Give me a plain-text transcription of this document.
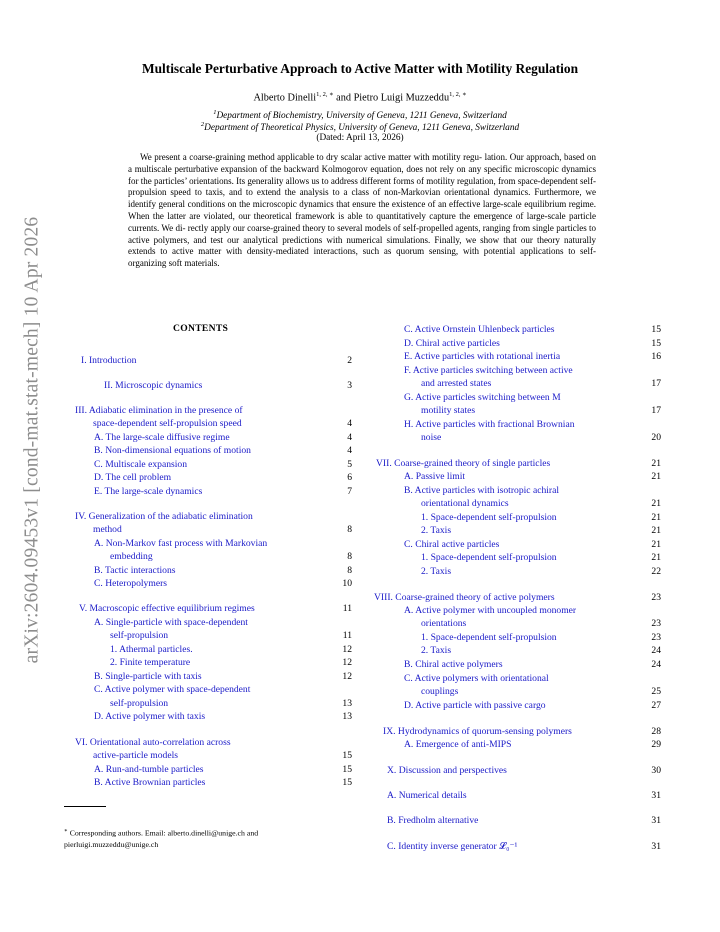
arXiv:2604.09453v1 [cond-mat.stat-mech] 10 Apr 2026
Multiscale Perturbative Approach to Active Matter with Motility Regulation
Alberto Dinelli$^{1, 2, ∗}$ and Pietro Luigi Muzzeddu$^{1, 2, ∗}$
$^1$Department of Biochemistry, University of Geneva, 1211 Geneva, Switzerland
$^2$Department of Theoretical Physics, University of Geneva, 1211 Geneva, Switzerland
(Dated: April 13, 2026)
We present a coarse-graining method applicable to dry scalar active matter with motility regu- lation. Our approach, based on a multiscale perturbative expansion of the backward Kolmogorov equation, does not rely on any specific microscopic dynamics for the particles’ orientations. Its generality allows us to address different forms of motility regulation, from space-dependent self- propulsion speed to taxis, and to extend the analysis to a class of non-Markovian orientational dynamics. Furthermore, we identify general conditions on the microscopic dynamics that ensure the existence of an effective large-scale equilibrium regime. When the latter are violated, our theoretical framework is able to quantitatively capture the emergence of large-scale particle currents. We di- rectly apply our coarse-grained theory to several models of self-propelled agents, ranging from single particles to active polymers, and test our analytical predictions with numerical simulations. Finally, we show that our theory naturally extends to active matter with density-mediated interactions, such as quorum sensing, with potential applications to self-organizing soft materials.
CONTENTS
I. Introduction	2
II. Microscopic dynamics	3
III. Adiabatic elimination in the presence of
space-dependent self-propulsion speed	4
A. The large-scale diffusive regime	4
B. Non-dimensional equations of motion	4
C. Multiscale expansion	5
D. The cell problem	6
E. The large-scale dynamics	7
IV. Generalization of the adiabatic elimination
method	8
A. Non-Markov fast process with Markovian
embedding	8
B. Tactic interactions	8
C. Heteropolymers	10
V. Macroscopic effective equilibrium regimes	11
A. Single-particle with space-dependent
self-propulsion	11
1. Athermal particles.	12
2. Finite temperature	12
B. Single-particle with taxis	12
C. Active polymer with space-dependent
self-propulsion	13
D. Active polymer with taxis	13
VI. Orientational auto-correlation across
active-particle models	15
A. Run-and-tumble particles	15
B. Active Brownian particles	15
C. Active Ornstein Uhlenbeck particles	15
D. Chiral active particles	15
E. Active particles with rotational inertia	16
F. Active particles switching between active
and arrested states	17
G. Active particles switching between M
motility states	17
H. Active particles with fractional Brownian
noise	20
VII. Coarse-grained theory of single particles	21
A. Passive limit	21
B. Active particles with isotropic achiral
orientational dynamics	21
1. Space-dependent self-propulsion	21
2. Taxis	21
C. Chiral active particles	21
1. Space-dependent self-propulsion	21
2. Taxis	22
VIII. Coarse-grained theory of active polymers	23
A. Active polymer with uncoupled monomer
orientations	23
1. Space-dependent self-propulsion	23
2. Taxis	24
B. Chiral active polymers	24
C. Active polymers with orientational
couplings	25
D. Active particle with passive cargo	27
IX. Hydrodynamics of quorum-sensing polymers	28
A. Emergence of anti-MIPS	29
X. Discussion and perspectives	30
A. Numerical details	31
B. Fredholm alternative	31
C. Identity inverse generator 𝓛₀⁻¹	31
∗ Corresponding authors. Email: alberto.dinelli@unige.ch and
pierluigi.muzzeddu@unige.ch
